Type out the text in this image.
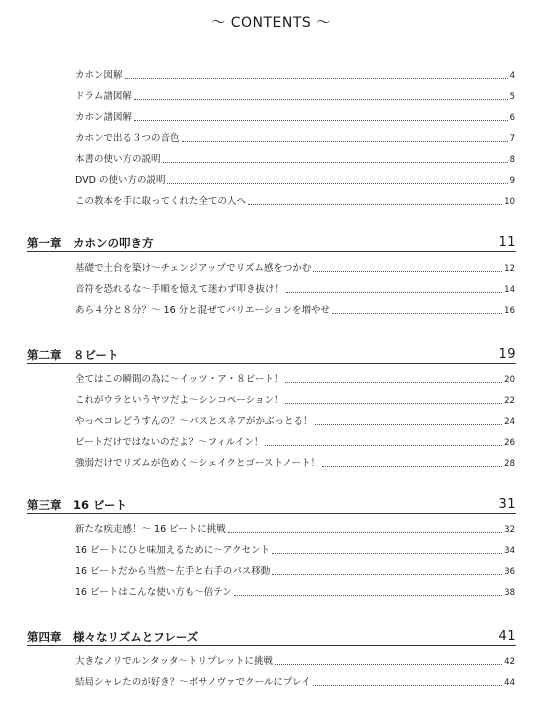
～ CONTENTS ～
カホン図解	4
ドラム譜図解	5
カホン譜図解	6
カホンで出る３つの音色	7
本書の使い方の説明	8
DVD の使い方の説明	9
この教本を手に取ってくれた全ての人へ	10
第一章	カホンの叩き方	11
基礎で土台を築け～チェンジアップでリズム感をつかむ	12
音符を恐れるな～手順を憶えて迷わず叩き抜け！	14
あら４分と８分？～ 16 分と混ぜてバリエーションを増やせ	16
第二章	８ビート	19
全てはこの瞬間の為に～イッツ・ア・８ビート！	20
これがウラというヤツだよ～シンコペーション！	22
やっぺコレどうすんの？～バスとスネアがかぶっとる！	24
ビートだけではないのだよ？～フィルイン！	26
強弱だけでリズムが色めく～シェイクとゴーストノート！	28
第三章	16 ビート	31
新たな疾走感！～ 16 ビートに挑戦	32
16 ビートにひと味加えるために～アクセント	34
16 ビートだから当然～左手と右手のパス移動	36
16 ビートはこんな使い方も～倍テン	38
第四章	様々なリズムとフレーズ	41
大きなノリでルンタッタ～トリプレットに挑戦	42
結局シャレたのが好き？～ボサノヴァでクールにプレイ	44
